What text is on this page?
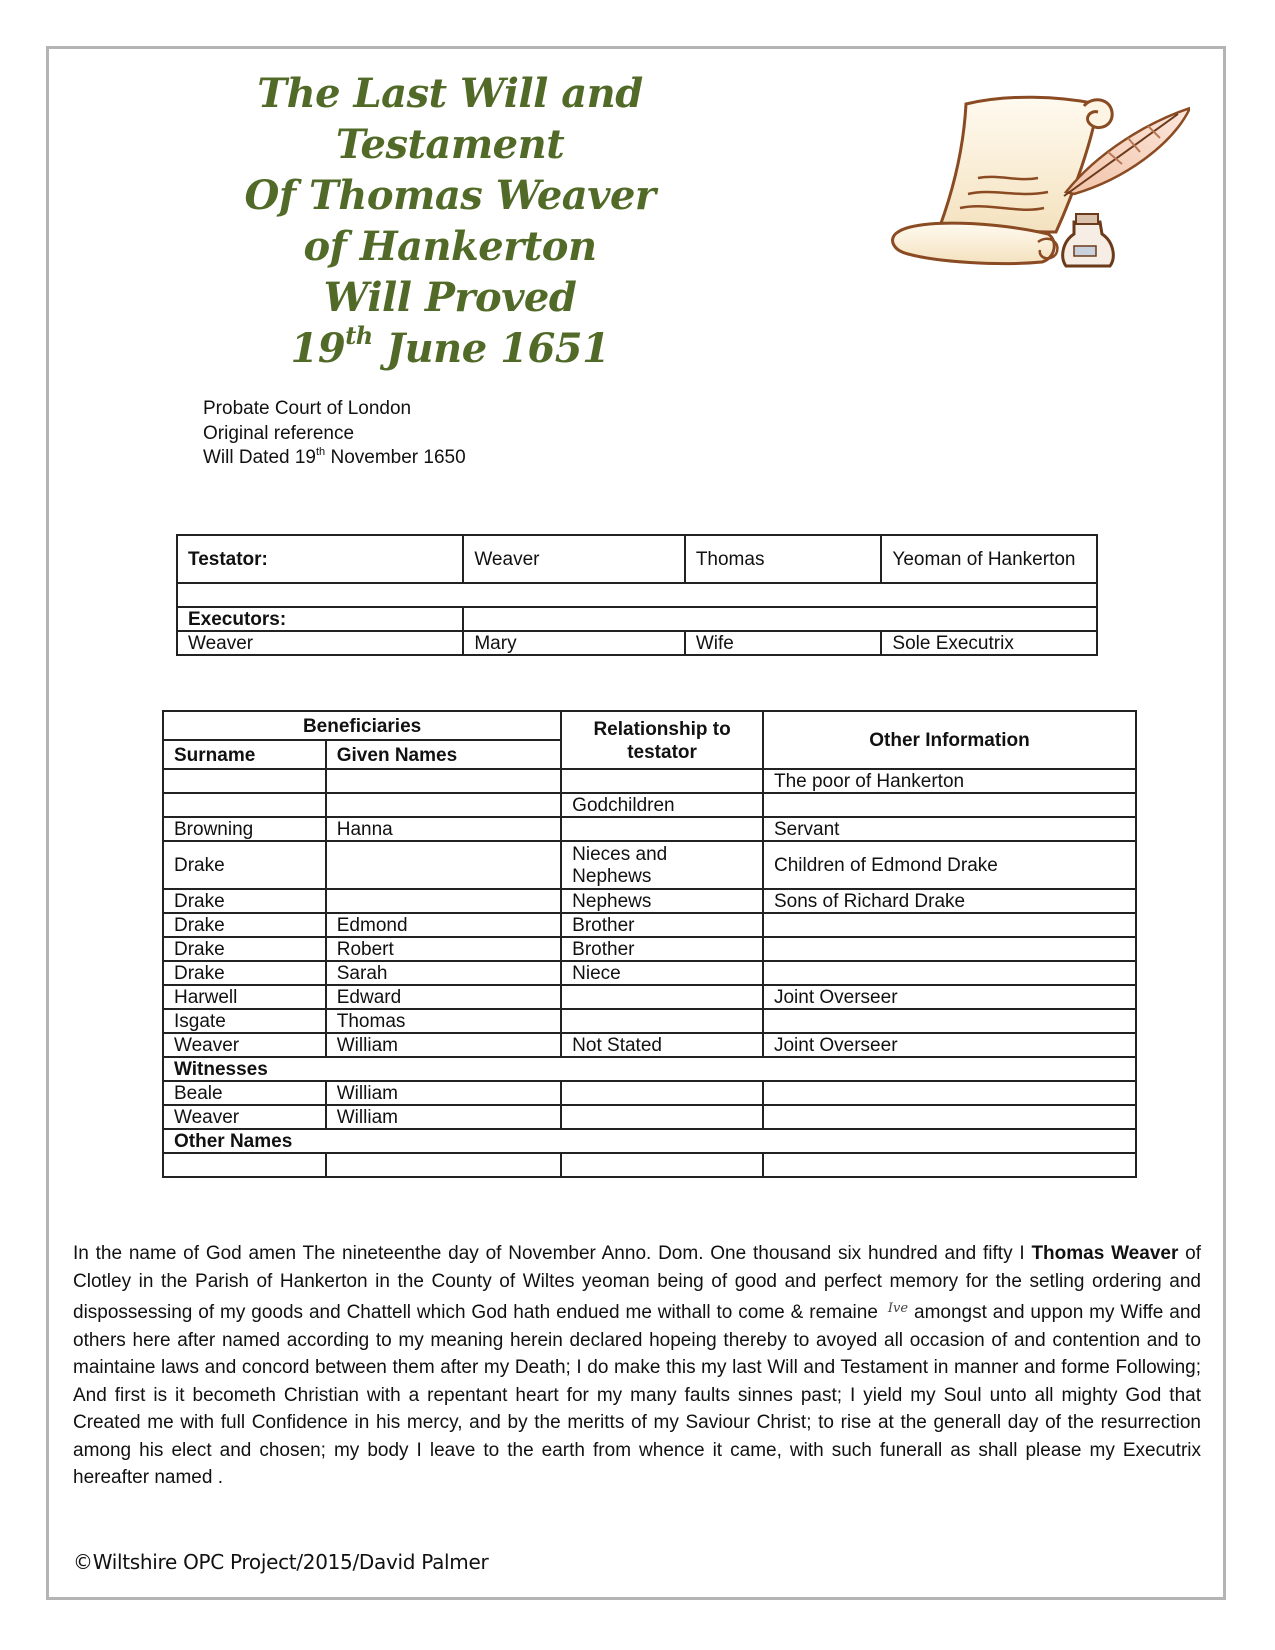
The Last Will and Testament
Of Thomas Weaver
of Hankerton
Will Proved
19th June 1651
Probate Court of London
Original reference
Will Dated 19th November 1650
Testator:	Weaver	Thomas	Yeoman of Hankerton

Executors:			
Weaver	Mary	Wife	Sole Executrix
Beneficiaries		Relationship to testator	Other Information
Surname	Given Names		
			The poor of Hankerton
		Godchildren	
Browning	Hanna		Servant
Drake		Nieces and Nephews	Children of Edmond Drake
Drake		Nephews	Sons of Richard Drake
Drake	Edmond	Brother	
Drake	Robert	Brother	
Drake	Sarah	Niece	
Harwell	Edward		Joint Overseer
Isgate	Thomas		
Weaver	William	Not Stated	Joint Overseer
Witnesses			
Beale	William		
Weaver	William		
Other Names			

In the name of God amen The nineteenthe day of November Anno. Dom. One thousand six hundred and fifty I Thomas Weaver of Clotley in the Parish of Hankerton in the County of Wiltes yeoman being of good and perfect memory for the setling ordering and dispossessing of my goods and Chattell which God hath endued me withall to come & remaine Ive amongst and uppon my Wiffe and others here after named according to my meaning herein declared hopeing thereby to avoyed all occasion of and contention and to maintaine laws and concord between them after my Death; I do make this my last Will and Testament in manner and forme Following; And first is it becometh Christian with a repentant heart for my many faults sinnes past; I yield my Soul unto all mighty God that Created me with full Confidence in his mercy, and by the meritts of my Saviour Christ; to rise at the generall day of the resurrection among his elect and chosen; my body I leave to the earth from whence it came, with such funerall as shall please my Executrix hereafter named .
©Wiltshire OPC Project/2015/David Palmer
